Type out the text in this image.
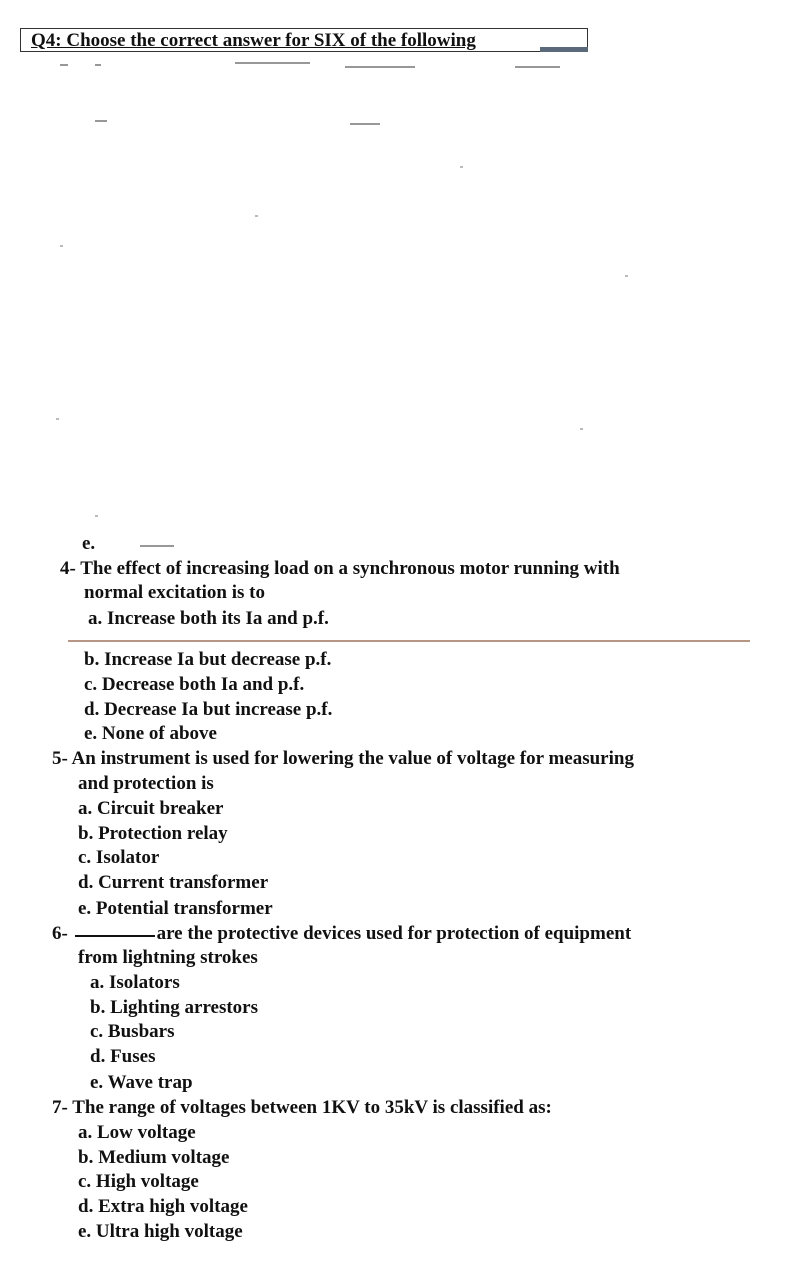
Q4: Choose the correct answer for SIX of the following
e.
4- The effect of increasing load on a synchronous motor running with
normal excitation is to
a. Increase both its Ia and p.f.
b. Increase Ia but decrease p.f.
c. Decrease both Ia and p.f.
d. Decrease Ia but increase p.f.
e. None of above
5- An instrument is used for lowering the value of voltage for measuring
and protection is
a. Circuit breaker
b. Protection relay
c. Isolator
d. Current transformer
e. Potential transformer
6-	are the protective devices used for protection of equipment
from lightning strokes
a. Isolators
b. Lighting arrestors
c. Busbars
d. Fuses
e. Wave trap
7- The range of voltages between 1KV to 35kV is classified as:
a. Low voltage
b. Medium voltage
c. High voltage
d. Extra high voltage
e. Ultra high voltage
